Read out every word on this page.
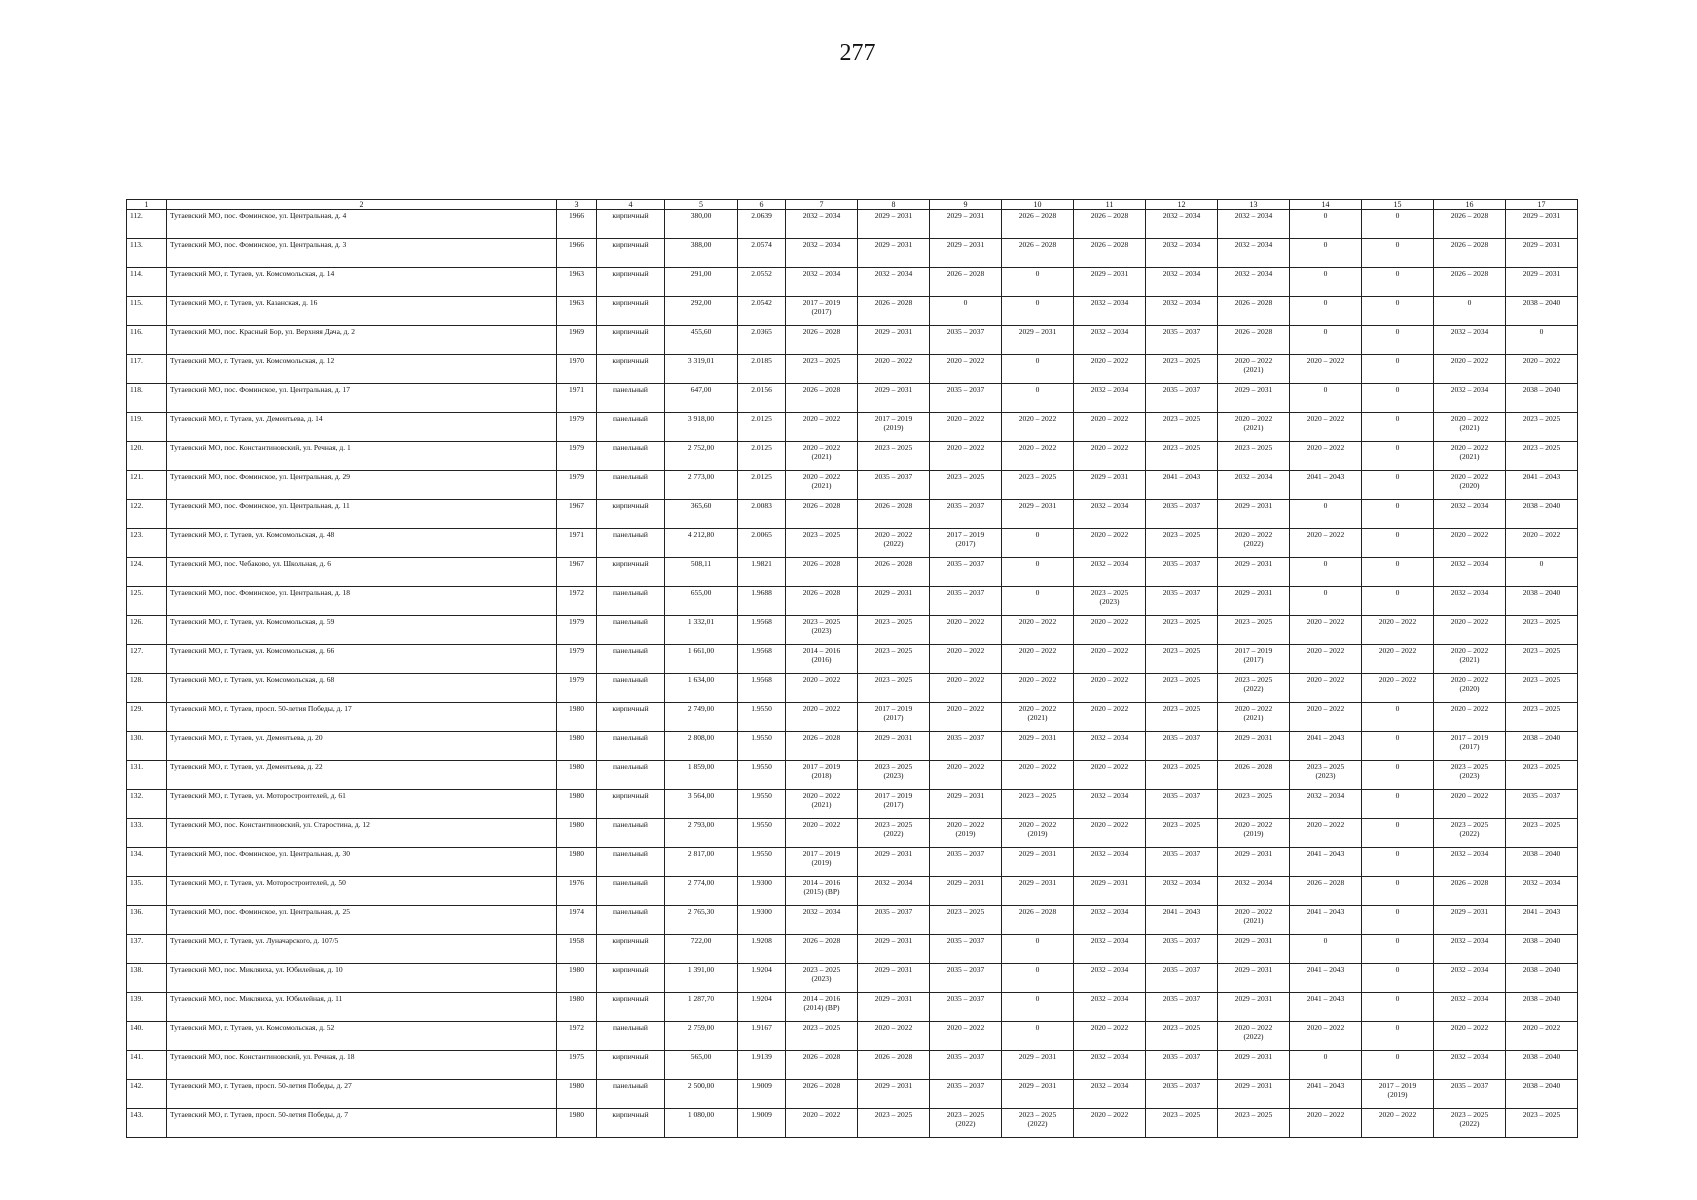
277
1	2	3	4	5	6	7	8	9	10	11	12	13	14	15	16	17

112.	Тутаевский МО, пос. Фоминское, ул. Центральная, д. 4	1966	кирпичный	380,00	2.0639	2032 – 2034	2029 – 2031	2029 – 2031	2026 – 2028	2026 – 2028	2032 – 2034	2032 – 2034	0	0	2026 – 2028	2029 – 2031

113.	Тутаевский МО, пос. Фоминское, ул. Центральная, д. 3	1966	кирпичный	388,00	2.0574	2032 – 2034	2029 – 2031	2029 – 2031	2026 – 2028	2026 – 2028	2032 – 2034	2032 – 2034	0	0	2026 – 2028	2029 – 2031

114.	Тутаевский МО, г. Тутаев, ул. Комсомольская, д. 14	1963	кирпичный	291,00	2.0552	2032 – 2034	2032 – 2034	2026 – 2028	0	2029 – 2031	2032 – 2034	2032 – 2034	0	0	2026 – 2028	2029 – 2031

115.	Тутаевский МО, г. Тутаев, ул. Казанская, д. 16	1963	кирпичный	292,00	2.0542	2017 – 2019
(2017)	2026 – 2028	0	0	2032 – 2034	2032 – 2034	2026 – 2028	0	0	0	2038 – 2040

116.	Тутаевский МО, пос. Красный Бор, ул. Верхняя Дача, д. 2	1969	кирпичный	455,60	2.0365	2026 – 2028	2029 – 2031	2035 – 2037	2029 – 2031	2032 – 2034	2035 – 2037	2026 – 2028	0	0	2032 – 2034	0

117.	Тутаевский МО, г. Тутаев, ул. Комсомольская, д. 12	1970	кирпичный	3 319,01	2.0185	2023 – 2025	2020 – 2022	2020 – 2022	0	2020 – 2022	2023 – 2025	2020 – 2022
(2021)	2020 – 2022	0	2020 – 2022	2020 – 2022

118.	Тутаевский МО, пос. Фоминское, ул. Центральная, д. 17	1971	панельный	647,00	2.0156	2026 – 2028	2029 – 2031	2035 – 2037	0	2032 – 2034	2035 – 2037	2029 – 2031	0	0	2032 – 2034	2038 – 2040

119.	Тутаевский МО, г. Тутаев, ул. Дементьева, д. 14	1979	панельный	3 918,00	2.0125	2020 – 2022	2017 – 2019
(2019)	2020 – 2022	2020 – 2022	2020 – 2022	2023 – 2025	2020 – 2022
(2021)	2020 – 2022	0	2020 – 2022
(2021)	2023 – 2025

120.	Тутаевский МО, пос. Константиновский, ул. Речная, д. 1	1979	панельный	2 752,00	2.0125	2020 – 2022
(2021)	2023 – 2025	2020 – 2022	2020 – 2022	2020 – 2022	2023 – 2025	2023 – 2025	2020 – 2022	0	2020 – 2022
(2021)	2023 – 2025

121.	Тутаевский МО, пос. Фоминское, ул. Центральная, д. 29	1979	панельный	2 773,00	2.0125	2020 – 2022
(2021)	2035 – 2037	2023 – 2025	2023 – 2025	2029 – 2031	2041 – 2043	2032 – 2034	2041 – 2043	0	2020 – 2022
(2020)	2041 – 2043

122.	Тутаевский МО, пос. Фоминское, ул. Центральная, д. 11	1967	кирпичный	365,60	2.0083	2026 – 2028	2026 – 2028	2035 – 2037	2029 – 2031	2032 – 2034	2035 – 2037	2029 – 2031	0	0	2032 – 2034	2038 – 2040

123.	Тутаевский МО, г. Тутаев, ул. Комсомольская, д. 48	1971	панельный	4 212,80	2.0065	2023 – 2025	2020 – 2022
(2022)	2017 – 2019
(2017)	0	2020 – 2022	2023 – 2025	2020 – 2022
(2022)	2020 – 2022	0	2020 – 2022	2020 – 2022

124.	Тутаевский МО, пос. Чебаково, ул. Школьная, д. 6	1967	кирпичный	508,11	1.9821	2026 – 2028	2026 – 2028	2035 – 2037	0	2032 – 2034	2035 – 2037	2029 – 2031	0	0	2032 – 2034	0

125.	Тутаевский МО, пос. Фоминское, ул. Центральная, д. 18	1972	панельный	655,00	1.9688	2026 – 2028	2029 – 2031	2035 – 2037	0	2023 – 2025
(2023)	2035 – 2037	2029 – 2031	0	0	2032 – 2034	2038 – 2040

126.	Тутаевский МО, г. Тутаев, ул. Комсомольская, д. 59	1979	панельный	1 332,01	1.9568	2023 – 2025
(2023)	2023 – 2025	2020 – 2022	2020 – 2022	2020 – 2022	2023 – 2025	2023 – 2025	2020 – 2022	2020 – 2022	2020 – 2022	2023 – 2025

127.	Тутаевский МО, г. Тутаев, ул. Комсомольская, д. 66	1979	панельный	1 661,00	1.9568	2014 – 2016
(2016)	2023 – 2025	2020 – 2022	2020 – 2022	2020 – 2022	2023 – 2025	2017 – 2019
(2017)	2020 – 2022	2020 – 2022	2020 – 2022
(2021)	2023 – 2025

128.	Тутаевский МО, г. Тутаев, ул. Комсомольская, д. 68	1979	панельный	1 634,00	1.9568	2020 – 2022	2023 – 2025	2020 – 2022	2020 – 2022	2020 – 2022	2023 – 2025	2023 – 2025
(2022)	2020 – 2022	2020 – 2022	2020 – 2022
(2020)	2023 – 2025

129.	Тутаевский МО, г. Тутаев, просп. 50-летия Победы, д. 17	1980	кирпичный	2 749,00	1.9550	2020 – 2022	2017 – 2019
(2017)	2020 – 2022	2020 – 2022
(2021)	2020 – 2022	2023 – 2025	2020 – 2022
(2021)	2020 – 2022	0	2020 – 2022	2023 – 2025

130.	Тутаевский МО, г. Тутаев, ул. Дементьева, д. 20	1980	панельный	2 808,00	1.9550	2026 – 2028	2029 – 2031	2035 – 2037	2029 – 2031	2032 – 2034	2035 – 2037	2029 – 2031	2041 – 2043	0	2017 – 2019
(2017)	2038 – 2040

131.	Тутаевский МО, г. Тутаев, ул. Дементьева, д. 22	1980	панельный	1 859,00	1.9550	2017 – 2019
(2018)	2023 – 2025
(2023)	2020 – 2022	2020 – 2022	2020 – 2022	2023 – 2025	2026 – 2028	2023 – 2025
(2023)	0	2023 – 2025
(2023)	2023 – 2025

132.	Тутаевский МО, г. Тутаев, ул. Моторостроителей, д. 61	1980	кирпичный	3 564,00	1.9550	2020 – 2022
(2021)	2017 – 2019
(2017)	2029 – 2031	2023 – 2025	2032 – 2034	2035 – 2037	2023 – 2025	2032 – 2034	0	2020 – 2022	2035 – 2037

133.	Тутаевский МО, пос. Константиновский, ул. Старостина, д. 12	1980	панельный	2 793,00	1.9550	2020 – 2022	2023 – 2025
(2022)	2020 – 2022
(2019)	2020 – 2022
(2019)	2020 – 2022	2023 – 2025	2020 – 2022
(2019)	2020 – 2022	0	2023 – 2025
(2022)	2023 – 2025

134.	Тутаевский МО, пос. Фоминское, ул. Центральная, д. 30	1980	панельный	2 817,00	1.9550	2017 – 2019
(2019)	2029 – 2031	2035 – 2037	2029 – 2031	2032 – 2034	2035 – 2037	2029 – 2031	2041 – 2043	0	2032 – 2034	2038 – 2040

135.	Тутаевский МО, г. Тутаев, ул. Моторостроителей, д. 50	1976	панельный	2 774,00	1.9300	2014 – 2016
(2015) (ВР)	2032 – 2034	2029 – 2031	2029 – 2031	2029 – 2031	2032 – 2034	2032 – 2034	2026 – 2028	0	2026 – 2028	2032 – 2034

136.	Тутаевский МО, пос. Фоминское, ул. Центральная, д. 25	1974	панельный	2 765,30	1.9300	2032 – 2034	2035 – 2037	2023 – 2025	2026 – 2028	2032 – 2034	2041 – 2043	2020 – 2022
(2021)	2041 – 2043	0	2029 – 2031	2041 – 2043

137.	Тутаевский МО, г. Тутаев, ул. Луначарского, д. 107/5	1958	кирпичный	722,00	1.9208	2026 – 2028	2029 – 2031	2035 – 2037	0	2032 – 2034	2035 – 2037	2029 – 2031	0	0	2032 – 2034	2038 – 2040

138.	Тутаевский МО, пос. Микляиха, ул. Юбилейная, д. 10	1980	кирпичный	1 391,00	1.9204	2023 – 2025
(2023)	2029 – 2031	2035 – 2037	0	2032 – 2034	2035 – 2037	2029 – 2031	2041 – 2043	0	2032 – 2034	2038 – 2040

139.	Тутаевский МО, пос. Микляиха, ул. Юбилейная, д. 11	1980	кирпичный	1 287,70	1.9204	2014 – 2016
(2014) (ВР)	2029 – 2031	2035 – 2037	0	2032 – 2034	2035 – 2037	2029 – 2031	2041 – 2043	0	2032 – 2034	2038 – 2040

140.	Тутаевский МО, г. Тутаев, ул. Комсомольская, д. 52	1972	панельный	2 759,00	1.9167	2023 – 2025	2020 – 2022	2020 – 2022	0	2020 – 2022	2023 – 2025	2020 – 2022
(2022)	2020 – 2022	0	2020 – 2022	2020 – 2022

141.	Тутаевский МО, пос. Константиновский, ул. Речная, д. 18	1975	кирпичный	565,00	1.9139	2026 – 2028	2026 – 2028	2035 – 2037	2029 – 2031	2032 – 2034	2035 – 2037	2029 – 2031	0	0	2032 – 2034	2038 – 2040

142.	Тутаевский МО, г. Тутаев, просп. 50-летия Победы, д. 27	1980	панельный	2 500,00	1.9009	2026 – 2028	2029 – 2031	2035 – 2037	2029 – 2031	2032 – 2034	2035 – 2037	2029 – 2031	2041 – 2043	2017 – 2019
(2019)	2035 – 2037	2038 – 2040

143.	Тутаевский МО, г. Тутаев, просп. 50-летия Победы, д. 7	1980	кирпичный	1 080,00	1.9009	2020 – 2022	2023 – 2025	2023 – 2025
(2022)	2023 – 2025
(2022)	2020 – 2022	2023 – 2025	2023 – 2025	2020 – 2022	2020 – 2022	2023 – 2025
(2022)	2023 – 2025
